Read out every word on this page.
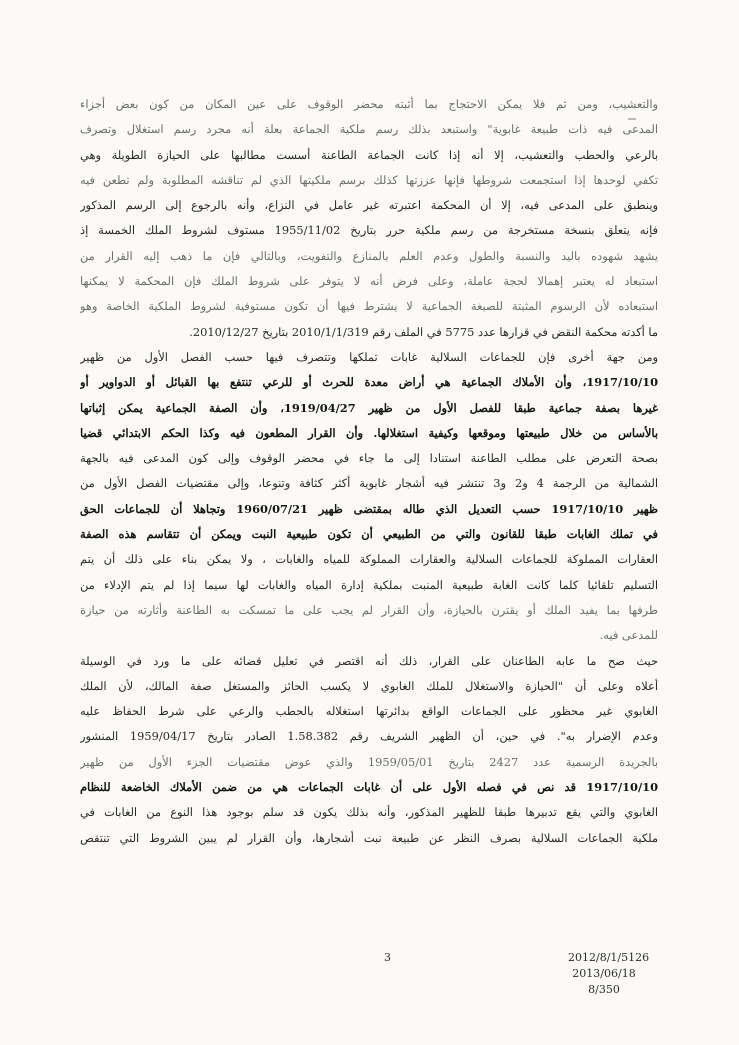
والتعشيب، ومن ثم فلا يمكن الاحتجاج بما أثبته محضر الوقوف على عين المكان من كون بعض أجزاء
المدعى فيه ذات طبيعة غابوية" واستبعد بذلك رسم ملكية الجماعة بعلة أنه مجرد رسم استغلال وتصرف
بالرعي والحطب والتعشيب، إلا أنه إذا كانت الجماعة الطاعنة أسست مطالبها على الحيازة الطويلة وهي
تكفي لوحدها إذا استجمعت شروطها فإنها عززتها كذلك برسم ملكيتها الذي لم تناقشه المطلوبة ولم تطعن فيه
وينطبق على المدعى فيه، إلا أن المحكمة اعتبرته غير عامل في النزاع، وأنه بالرجوع إلى الرسم المذكور
فإنه يتعلق بنسخة مستخرجة من رسم ملكية حرر بتاريخ 1955/11/02 مستوف لشروط الملك الخمسة إذ
يشهد شهوده باليد والنسبة والطول وعدم العلم بالمنازع والتفويت، وبالتالي فإن ما ذهب إليه القرار من
استبعاد له يعتبر إهمالا لحجة عاملة، وعلى فرض أنه لا يتوفر على شروط الملك فإن المحكمة لا يمكنها
استبعاده لأن الرسوم المثبتة للصبغة الجماعية لا يشترط فيها أن تكون مستوفية لشروط الملكية الخاصة وهو
ما أكدته محكمة النقض في قرارها عدد 5775 في الملف رقم 2010/1/1/319 بتاريخ 2010/12/27.

ومن جهة أخرى فإن للجماعات السلالية غابات تملكها وتتصرف فيها حسب الفصل الأول من ظهير
1917/10/10، وأن الأملاك الجماعية هي أراض معدة للحرث أو للرعي تنتفع بها القبائل أو الدواوير أو
غيرها بصفة جماعية طبقا للفصل الأول من ظهير 1919/04/27، وأن الصفة الجماعية يمكن إثباتها
بالأساس من خلال طبيعتها وموقعها وكيفية استغلالها. وأن القرار المطعون فيه وكذا الحكم الابتدائي قضيا
بصحة التعرض على مطلب الطاعنة استنادا إلى ما جاء في محضر الوقوف وإلى كون المدعى فيه بالجهة
الشمالية من الرجمة 4 و2 و3 تنتشر فيه أشجار غابوية أكثر كثافة وتنوعا، وإلى مقتضيات الفصل الأول من
ظهير 1917/10/10 حسب التعديل الذي طاله بمقتضى ظهير 1960/07/21 وتجاهلا أن للجماعات الحق
في تملك الغابات طبقا للقانون والتي من الطبيعي أن تكون طبيعية النبت ويمكن أن تتقاسم هذه الصفة
العقارات المملوكة للجماعات السلالية والعقارات المملوكة للمياه والغابات ، ولا يمكن بناء على ذلك أن يتم
التسليم تلقائيا كلما كانت الغابة طبيعية المنبت بملكية إدارة المياه والغابات لها سيما إذا لم يتم الإدلاء من
طرفها بما يفيد الملك أو يقترن بالحيازة، وأن القرار لم يجب على ما تمسكت به الطاعنة وأثارته من حيازة
للمدعى فيه.

حيث صح ما عابه الطاعنان على القرار، ذلك أنه اقتصر في تعليل قضائه على ما ورد في الوسيلة
أعلاه وعلى أن "الحيازة والاستغلال للملك الغابوي لا يكسب الحائز والمستغل صفة المالك، لأن الملك
الغابوي غير محظور على الجماعات الواقع بدائرتها استغلاله بالحطب والرعي على شرط الحفاظ عليه
وعدم الإضرار به". في حين، أن الظهير الشريف رقم 1.58.382 الصادر بتاريخ 1959/04/17 المنشور
بالجريدة الرسمية عدد 2427 بتاريخ 1959/05/01 والذي عوض مقتضيات الجزء الأول من ظهير
1917/10/10 قد نص في فصله الأول على أن غابات الجماعات هي من ضمن الأملاك الخاضعة للنظام
الغابوي والتي يقع تدبيرها طبقا للظهير المذكور، وأنه بذلك يكون قد سلم بوجود هذا النوع من الغابات في
ملكية الجماعات السلالية بصرف النظر عن طبيعة نبت أشجارها، وأن القرار لم يبين الشروط التي تنتقص

3	2012/8/1/5126
2013/06/18
8/350
